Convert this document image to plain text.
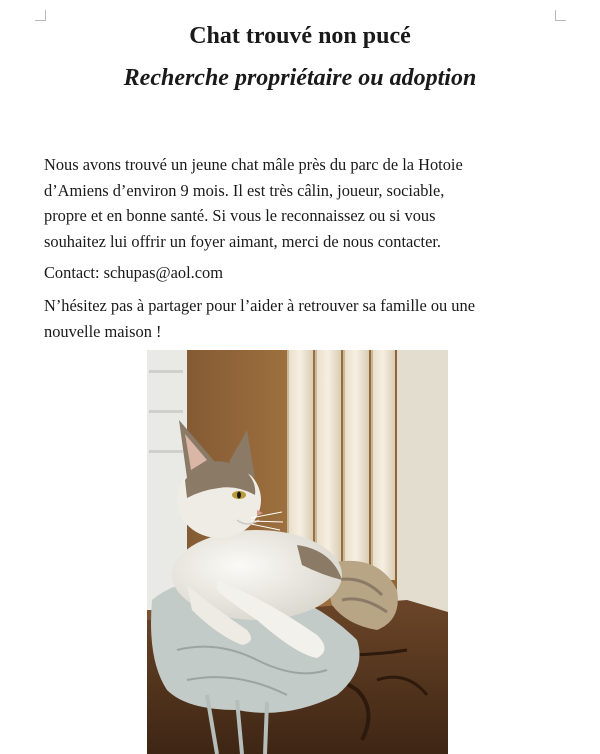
Chat trouvé non pucé
Recherche propriétaire ou adoption

Nous avons trouvé un jeune chat mâle près du parc de la Hotoie
d’Amiens d’environ 9 mois. Il est très câlin, joueur, sociable,
propre et en bonne santé. Si vous le reconnaissez ou si vous
souhaitez lui offrir un foyer aimant, merci de nous contacter.

Contact: schupas@aol.com

N’hésitez pas à partager pour l’aider à retrouver sa famille ou une
nouvelle maison !
